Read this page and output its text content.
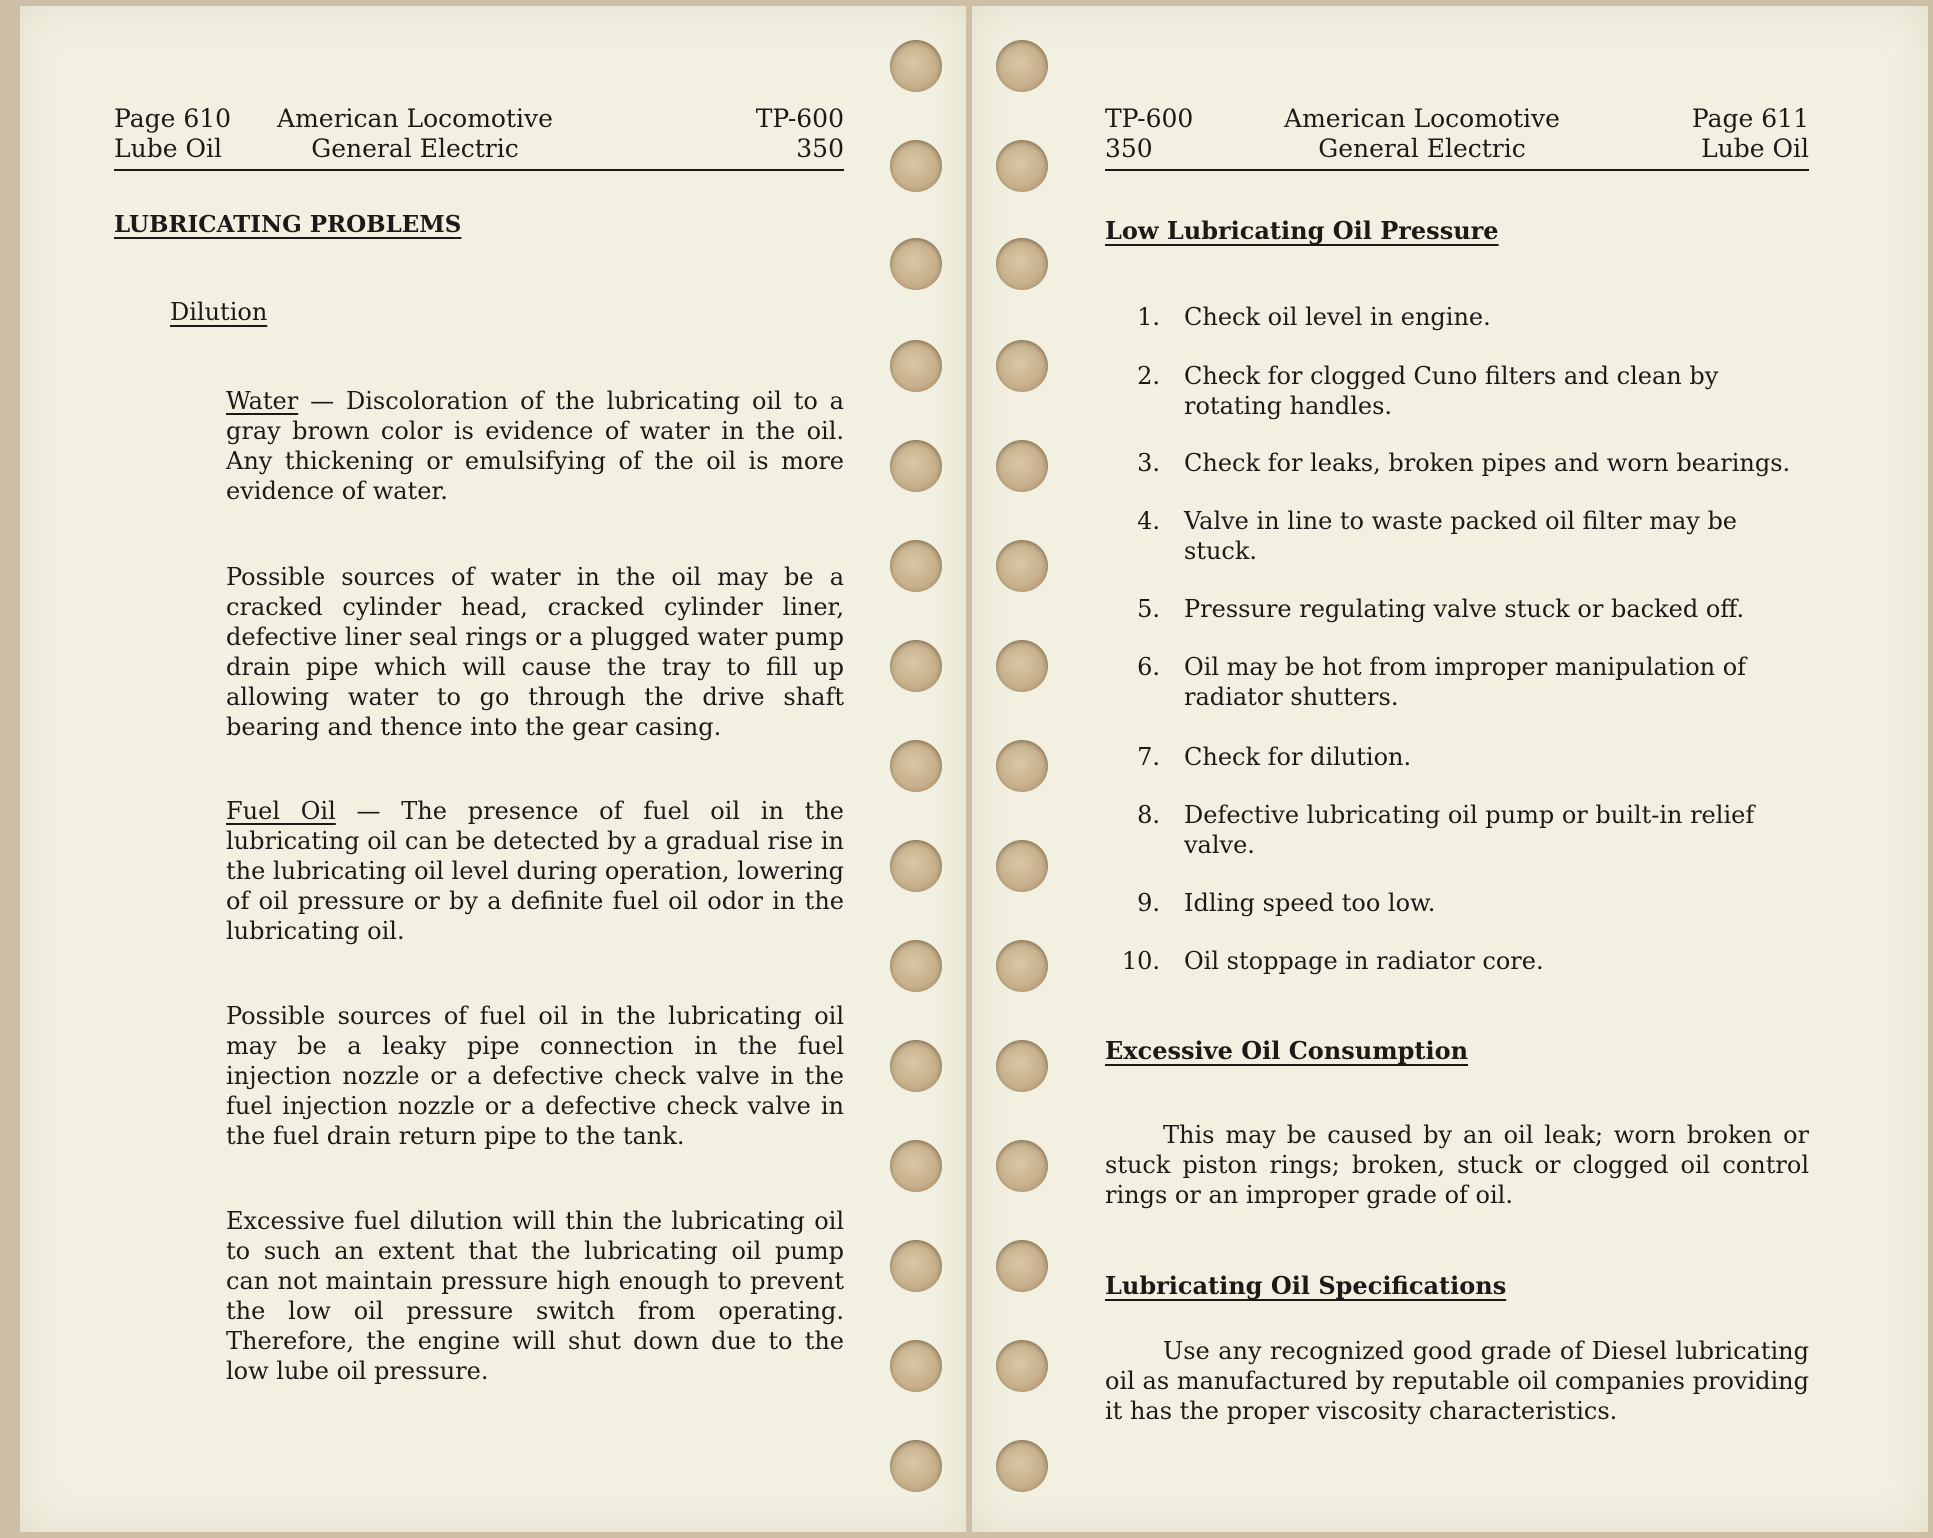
Page 610
Lube Oil
American Locomotive
General Electric
TP-600
350
LUBRICATING PROBLEMS
Dilution

Water — Discoloration of the lubricating oil to a gray brown color is evidence of water in the oil. Any thickening or emulsifying of the oil is more evidence of water.

Possible sources of water in the oil may be a cracked cylinder head, cracked cylinder liner, defective liner seal rings or a plugged water pump drain pipe which will cause the tray to fill up allowing water to go through the drive shaft bearing and thence into the gear casing.

Fuel Oil — The presence of fuel oil in the lubricating oil can be detected by a gradual rise in the lubricating oil level during operation, lowering of oil pressure or by a definite fuel oil odor in the lubricating oil.

Possible sources of fuel oil in the lubricating oil may be a leaky pipe connection in the fuel injection nozzle or a defective check valve in the fuel injection nozzle or a defective check valve in the fuel drain return pipe to the tank.

Excessive fuel dilution will thin the lubricating oil to such an extent that the lubricating oil pump can not maintain pressure high enough to prevent the low oil pressure switch from operating. Therefore, the engine will shut down due to the low lube oil pressure.

TP-600
350
American Locomotive
General Electric
Page 611
Lube Oil
Low Lubricating Oil Pressure
1. Check oil level in engine.
2. Check for clogged Cuno filters and clean by rotating handles.
3. Check for leaks, broken pipes and worn bearings.
4. Valve in line to waste packed oil filter may be stuck.
5. Pressure regulating valve stuck or backed off.
6. Oil may be hot from improper manipulation of radiator shutters.
7. Check for dilution.
8. Defective lubricating oil pump or built-in relief valve.
9. Idling speed too low.
10. Oil stoppage in radiator core.
Excessive Oil Consumption

This may be caused by an oil leak; worn broken or stuck piston rings; broken, stuck or clogged oil control rings or an improper grade of oil.

Lubricating Oil Specifications

Use any recognized good grade of Diesel lubricating oil as manufactured by reputable oil companies providing it has the proper viscosity characteristics.
